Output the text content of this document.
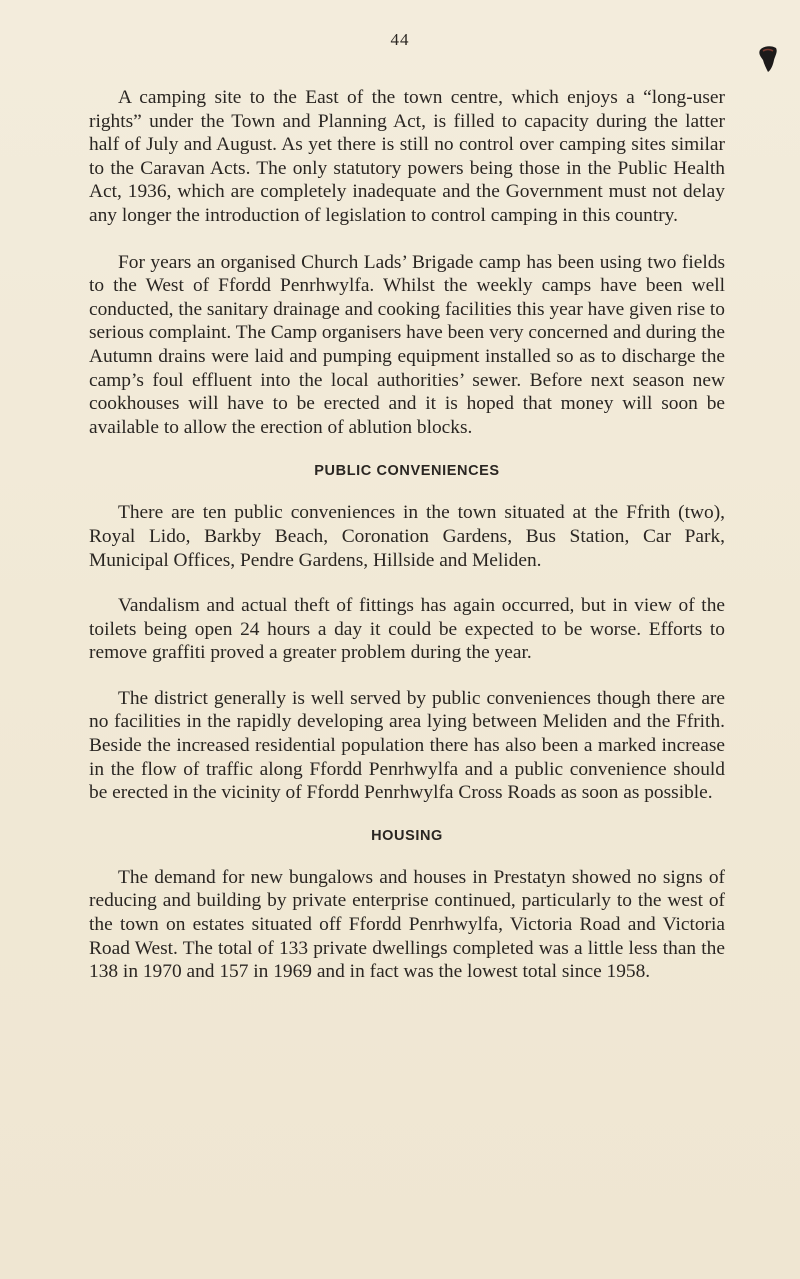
44

A camping site to the East of the town centre, which enjoys a “long-user rights” under the Town and Planning Act, is filled to capacity during the latter half of July and August. As yet there is still no control over camping sites similar to the Caravan Acts. The only statutory powers being those in the Public Health Act, 1936, which are completely inadequate and the Government must not delay any longer the introduction of legislation to control camping in this country.

For years an organised Church Lads’ Brigade camp has been using two fields to the West of Ffordd Penrhwylfa. Whilst the weekly camps have been well conducted, the sanitary drainage and cooking facilities this year have given rise to serious complaint. The Camp organisers have been very concerned and during the Autumn drains were laid and pumping equipment installed so as to discharge the camp’s foul effluent into the local authorities’ sewer. Before next season new cookhouses will have to be erected and it is hoped that money will soon be available to allow the erection of ablution blocks.

PUBLIC CONVENIENCES

There are ten public conveniences in the town situated at the Ffrith (two), Royal Lido, Barkby Beach, Coronation Gardens, Bus Station, Car Park, Municipal Offices, Pendre Gardens, Hillside and Meliden.

Vandalism and actual theft of fittings has again occurred, but in view of the toilets being open 24 hours a day it could be expected to be worse. Efforts to remove graffiti proved a greater problem during the year.

The district generally is well served by public conveniences though there are no facilities in the rapidly developing area lying between Meliden and the Ffrith. Beside the increased residential population there has also been a marked increase in the flow of traffic along Ffordd Penrhwylfa and a public convenience should be erected in the vicinity of Ffordd Penrhwylfa Cross Roads as soon as possible.

HOUSING

The demand for new bungalows and houses in Prestatyn showed no signs of reducing and building by private enterprise continued, particularly to the west of the town on estates situated off Ffordd Penrhwylfa, Victoria Road and Victoria Road West. The total of 133 private dwellings completed was a little less than the 138 in 1970 and 157 in 1969 and in fact was the lowest total since 1958.
